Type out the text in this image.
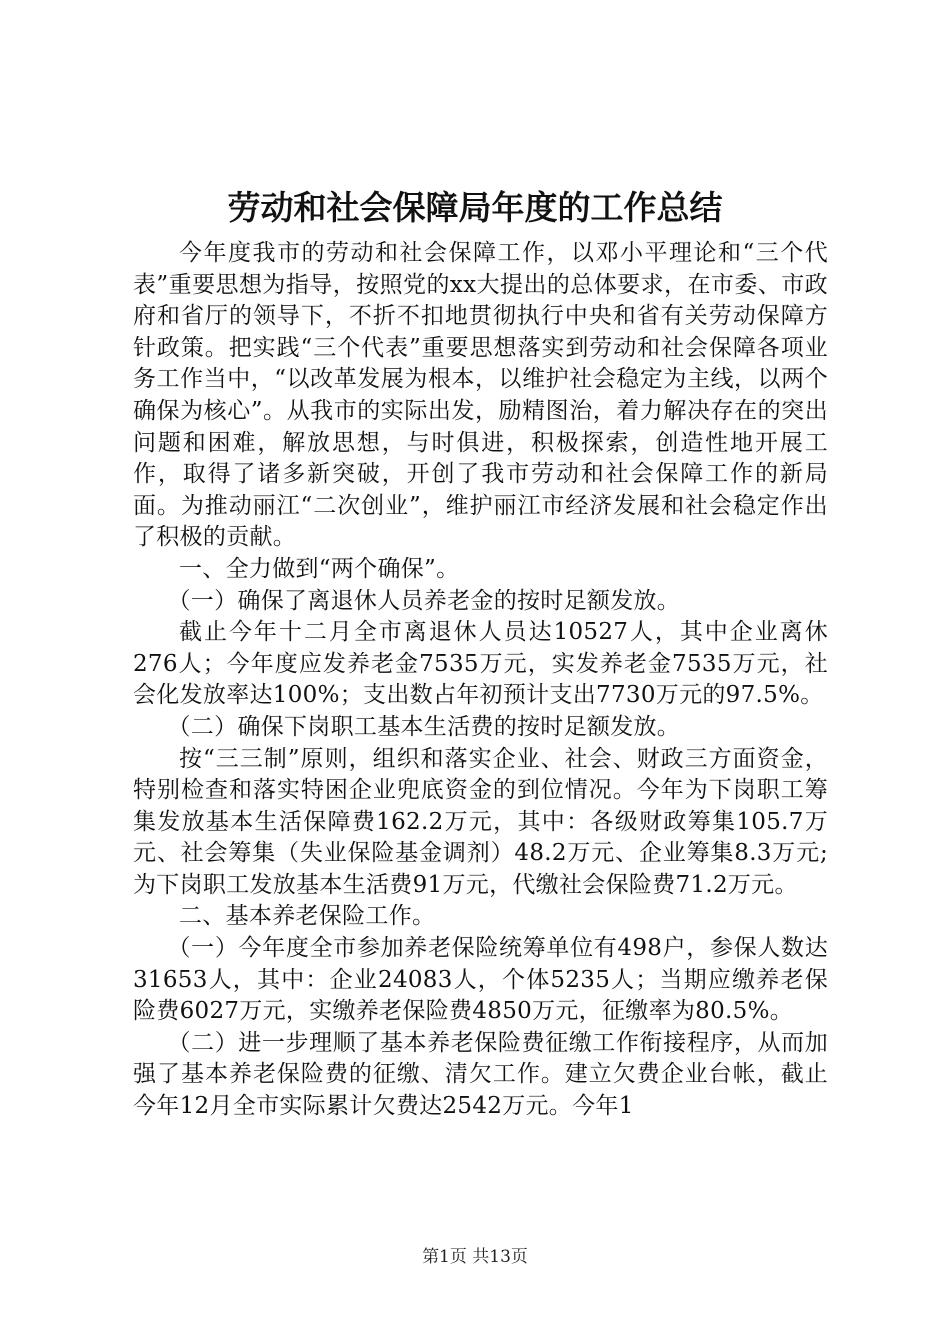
劳动和社会保障局年度的工作总结

今年度我市的劳动和社会保障工作，以邓小平理论和“三个代表”重要思想为指导，按照党的xx大提出的总体要求，在市委、市政府和省厅的领导下，不折不扣地贯彻执行中央和省有关劳动保障方针政策。把实践“三个代表”重要思想落实到劳动和社会保障各项业务工作当中，“以改革发展为根本，以维护社会稳定为主线，以两个确保为核心”。从我市的实际出发，励精图治，着力解决存在的突出问题和困难，解放思想，与时俱进，积极探索，创造性地开展工作，取得了诸多新突破，开创了我市劳动和社会保障工作的新局面。为推动丽江“二次创业”，维护丽江市经济发展和社会稳定作出了积极的贡献。

一、全力做到“两个确保”。

（一）确保了离退休人员养老金的按时足额发放。

截止今年十二月全市离退休人员达10527人，其中企业离休276人；今年度应发养老金7535万元，实发养老金7535万元，社会化发放率达100%；支出数占年初预计支出7730万元的97.5%。

（二）确保下岗职工基本生活费的按时足额发放。

按“三三制”原则，组织和落实企业、社会、财政三方面资金，特别检查和落实特困企业兜底资金的到位情况。今年为下岗职工筹集发放基本生活保障费162.2万元，其中：各级财政筹集105.7万元、社会筹集（失业保险基金调剂）48.2万元、企业筹集8.3万元;为下岗职工发放基本生活费91万元，代缴社会保险费71.2万元。

二、基本养老保险工作。

（一）今年度全市参加养老保险统筹单位有498户，参保人数达31653人，其中：企业24083人，个体5235人；当期应缴养老保险费6027万元，实缴养老保险费4850万元，征缴率为80.5%。

（二）进一步理顺了基本养老保险费征缴工作衔接程序，从而加强了基本养老保险费的征缴、清欠工作。建立欠费企业台帐，截止今年12月全市实际累计欠费达2542万元。今年1

第1页 共13页
